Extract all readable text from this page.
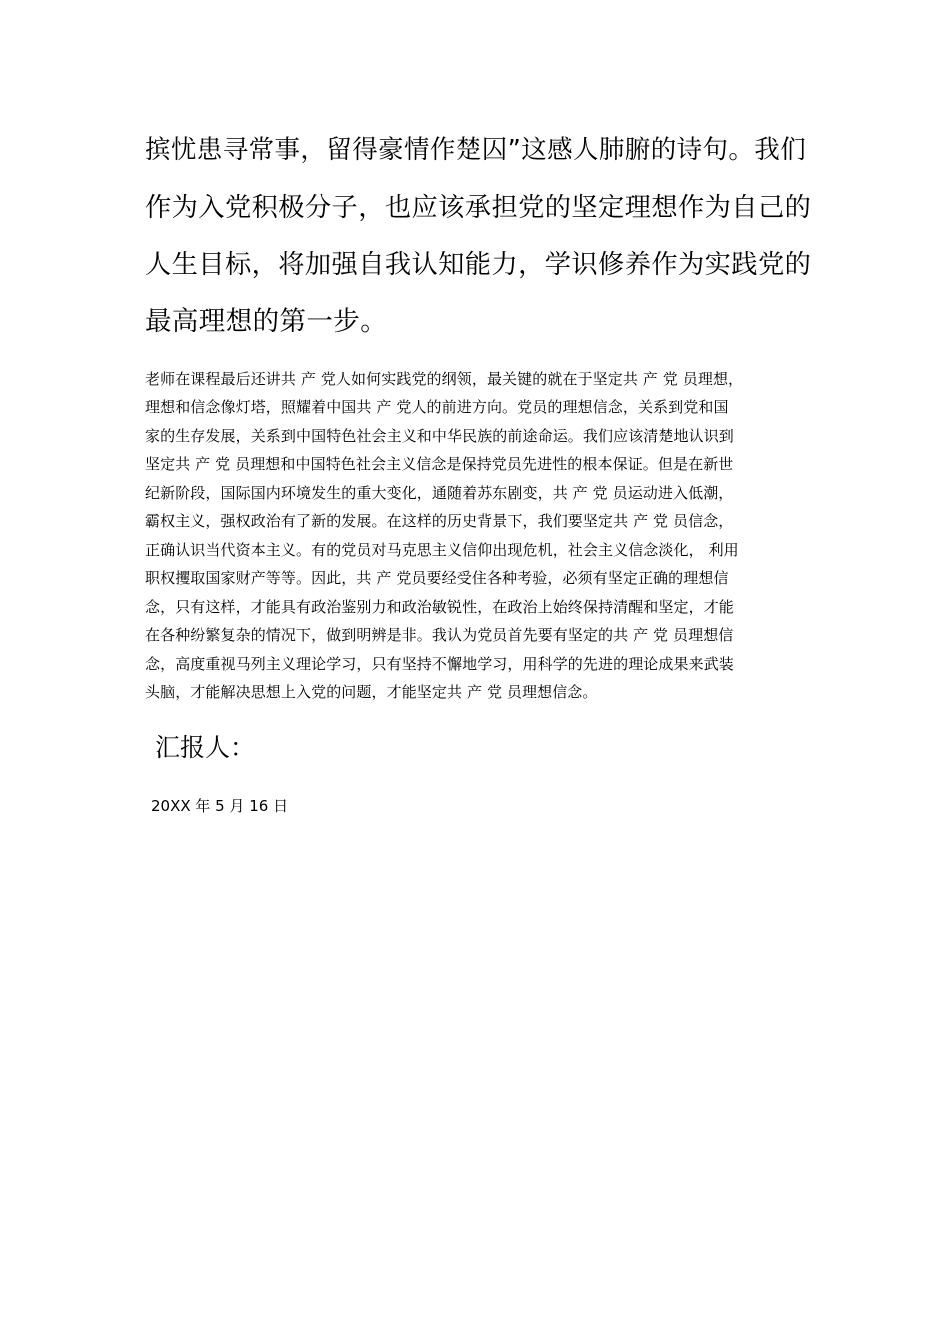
摈忧患寻常事，留得豪情作楚囚”这感人肺腑的诗句。我们
作为入党积极分子，也应该承担党的坚定理想作为自己的
人生目标，将加强自我认知能力，学识修养作为实践党的
最高理想的第一步。
老师在课程最后还讲共 产 党人如何实践党的纲领，最关键的就在于坚定共 产 党 员理想，
理想和信念像灯塔，照耀着中国共 产 党人的前进方向。党员的理想信念，关系到党和国
家的生存发展，关系到中国特色社会主义和中华民族的前途命运。我们应该清楚地认识到
坚定共 产 党 员理想和中国特色社会主义信念是保持党员先进性的根本保证。但是在新世
纪新阶段，国际国内环境发生的重大变化，通随着苏东剧变，共 产 党 员运动进入低潮，
霸权主义，强权政治有了新的发展。在这样的历史背景下，我们要坚定共 产 党 员信念，
正确认识当代资本主义。有的党员对马克思主义信仰出现危机，社会主义信念淡化， 利用
职权攫取国家财产等等。因此，共 产 党员要经受住各种考验，必须有坚定正确的理想信
念，只有这样，才能具有政治鉴别力和政治敏锐性，在政治上始终保持清醒和坚定，才能
在各种纷繁复杂的情况下，做到明辨是非。我认为党员首先要有坚定的共 产 党 员理想信
念，高度重视马列主义理论学习，只有坚持不懈地学习，用科学的先进的理论成果来武装
头脑，才能解决思想上入党的问题，才能坚定共 产 党 员理想信念。
汇报人：
20XX 年 5 月 16 日
